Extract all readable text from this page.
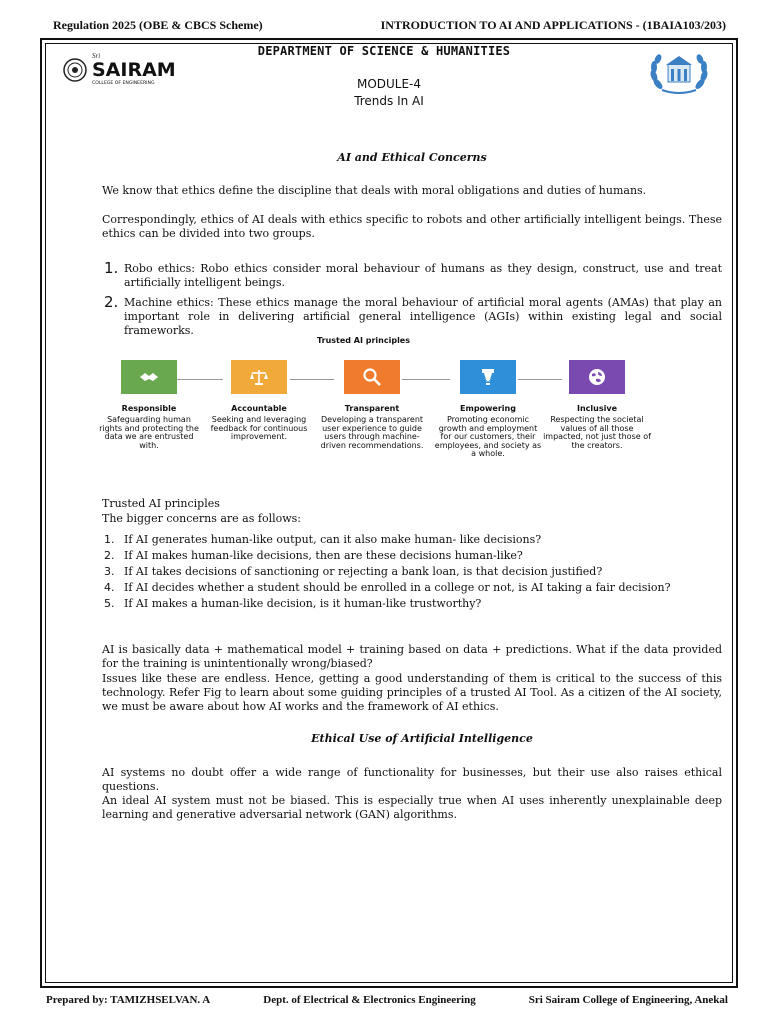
Regulation 2025 (OBE & CBCS Scheme)	INTRODUCTION TO AI AND APPLICATIONS - (1BAIA103/203)
Sri
SAIRAM
COLLEGE OF ENGINEERING
DEPARTMENT OF SCIENCE & HUMANITIES
MODULE-4
Trends In AI
AI and Ethical Concerns
We know that ethics define the discipline that deals with moral obligations and duties of humans.
Correspondingly, ethics of AI deals with ethics specific to robots and other artificially intelligent beings. These ethics can be divided into two groups.
1. Robo ethics: Robo ethics consider moral behaviour of humans as they design, construct, use and treat artificially intelligent beings.
2. Machine ethics: These ethics manage the moral behaviour of artificial moral agents (AMAs) that play an important role in delivering artificial general intelligence (AGIs) within existing legal and social frameworks.
Trusted AI principles
Responsible
Safeguarding human rights and protecting the data we are entrusted with.
Accountable
Seeking and leveraging feedback for continuous improvement.
Transparent
Developing a transparent user experience to guide users through machine-driven recommendations.
Empowering
Promoting economic growth and employment for our customers, their employees, and society as a whole.
Inclusive
Respecting the societal values of all those impacted, not just those of the creators.
Trusted AI principles
The bigger concerns are as follows:
1. If AI generates human-like output, can it also make human- like decisions?
2. If AI makes human-like decisions, then are these decisions human-like?
3. If AI takes decisions of sanctioning or rejecting a bank loan, is that decision justified?
4. If AI decides whether a student should be enrolled in a college or not, is AI taking a fair decision?
5. If AI makes a human-like decision, is it human-like trustworthy?
AI is basically data + mathematical model + training based on data + predictions. What if the data provided for the training is unintentionally wrong/biased?
Issues like these are endless. Hence, getting a good understanding of them is critical to the success of this technology. Refer Fig to learn about some guiding principles of a trusted AI Tool. As a citizen of the AI society, we must be aware about how AI works and the framework of AI ethics.
Ethical Use of Artificial Intelligence
AI systems no doubt offer a wide range of functionality for businesses, but their use also raises ethical questions.
An ideal AI system must not be biased. This is especially true when AI uses inherently unexplainable deep learning and generative adversarial network (GAN) algorithms.
Prepared by: TAMIZHSELVAN. A	Dept. of Electrical & Electronics Engineering	Sri Sairam College of Engineering, Anekal
